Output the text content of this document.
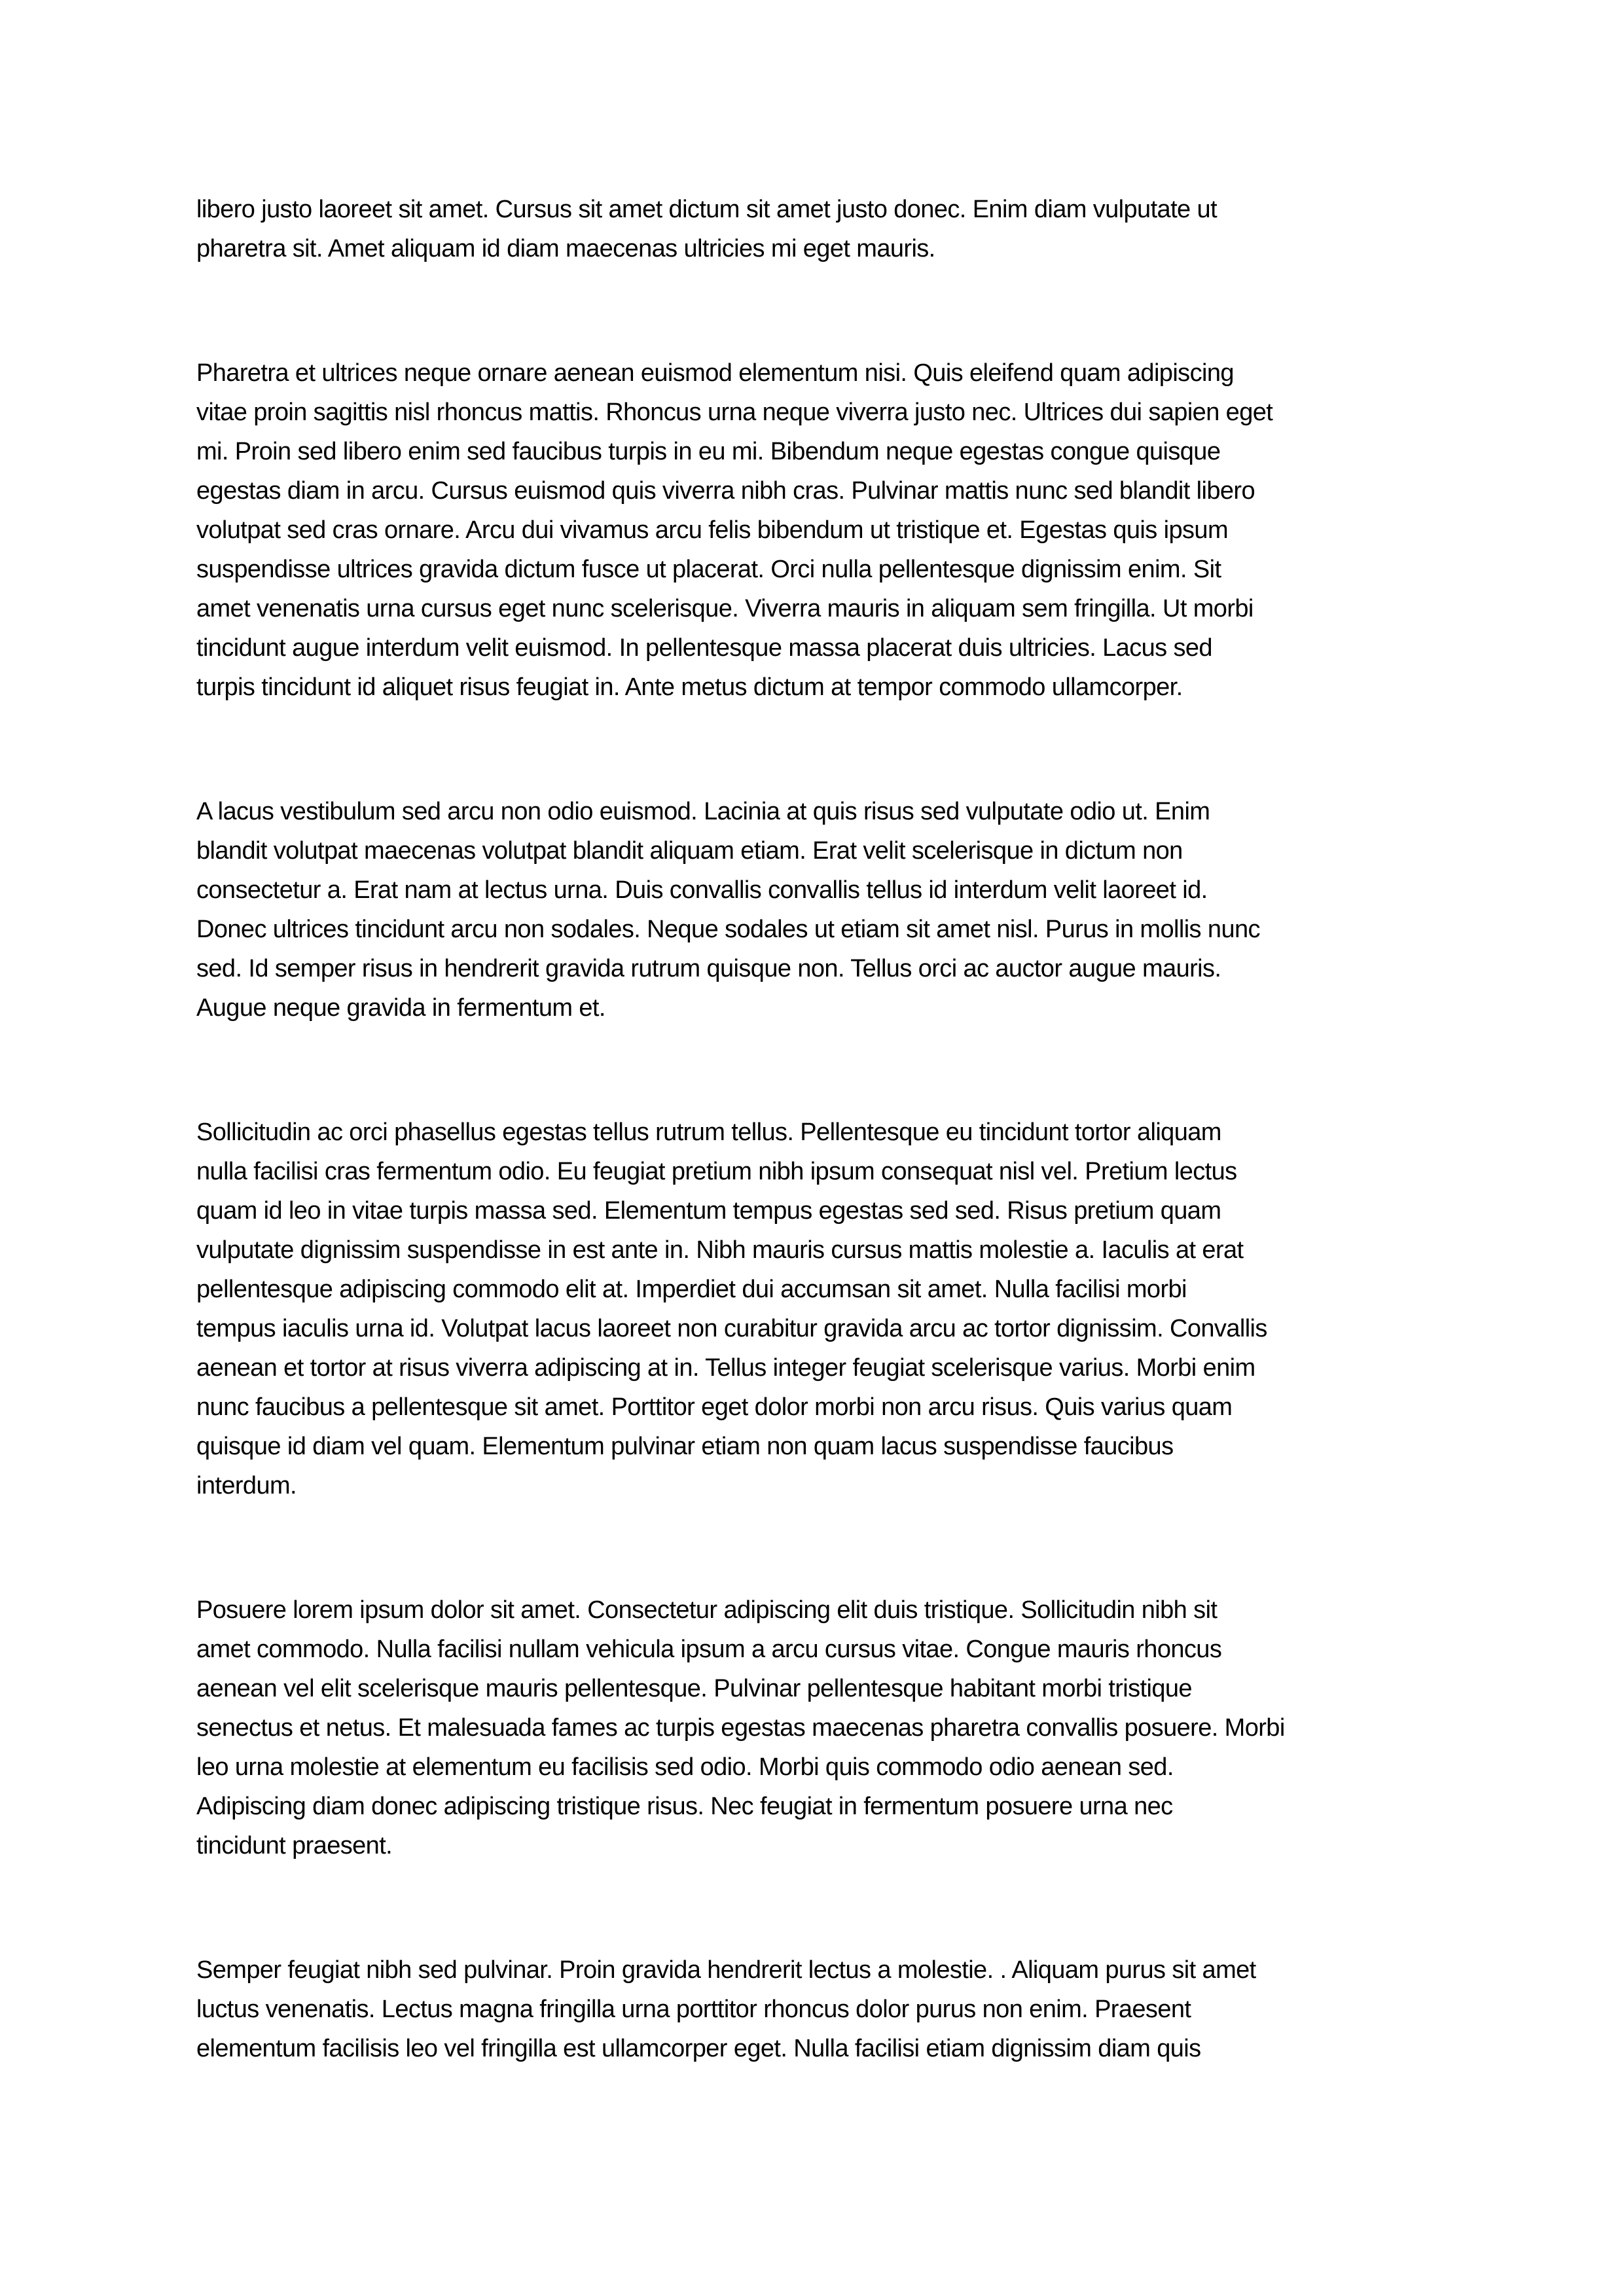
libero justo laoreet sit amet. Cursus sit amet dictum sit amet justo donec. Enim diam vulputate ut
pharetra sit. Amet aliquam id diam maecenas ultricies mi eget mauris.

Pharetra et ultrices neque ornare aenean euismod elementum nisi. Quis eleifend quam adipiscing
vitae proin sagittis nisl rhoncus mattis. Rhoncus urna neque viverra justo nec. Ultrices dui sapien eget
mi. Proin sed libero enim sed faucibus turpis in eu mi. Bibendum neque egestas congue quisque
egestas diam in arcu. Cursus euismod quis viverra nibh cras. Pulvinar mattis nunc sed blandit libero
volutpat sed cras ornare. Arcu dui vivamus arcu felis bibendum ut tristique et. Egestas quis ipsum
suspendisse ultrices gravida dictum fusce ut placerat. Orci nulla pellentesque dignissim enim. Sit
amet venenatis urna cursus eget nunc scelerisque. Viverra mauris in aliquam sem fringilla. Ut morbi
tincidunt augue interdum velit euismod. In pellentesque massa placerat duis ultricies. Lacus sed
turpis tincidunt id aliquet risus feugiat in. Ante metus dictum at tempor commodo ullamcorper.

A lacus vestibulum sed arcu non odio euismod. Lacinia at quis risus sed vulputate odio ut. Enim
blandit volutpat maecenas volutpat blandit aliquam etiam. Erat velit scelerisque in dictum non
consectetur a. Erat nam at lectus urna. Duis convallis convallis tellus id interdum velit laoreet id.
Donec ultrices tincidunt arcu non sodales. Neque sodales ut etiam sit amet nisl. Purus in mollis nunc
sed. Id semper risus in hendrerit gravida rutrum quisque non. Tellus orci ac auctor augue mauris.
Augue neque gravida in fermentum et.

Sollicitudin ac orci phasellus egestas tellus rutrum tellus. Pellentesque eu tincidunt tortor aliquam
nulla facilisi cras fermentum odio. Eu feugiat pretium nibh ipsum consequat nisl vel. Pretium lectus
quam id leo in vitae turpis massa sed. Elementum tempus egestas sed sed. Risus pretium quam
vulputate dignissim suspendisse in est ante in. Nibh mauris cursus mattis molestie a. Iaculis at erat
pellentesque adipiscing commodo elit at. Imperdiet dui accumsan sit amet. Nulla facilisi morbi
tempus iaculis urna id. Volutpat lacus laoreet non curabitur gravida arcu ac tortor dignissim. Convallis
aenean et tortor at risus viverra adipiscing at in. Tellus integer feugiat scelerisque varius. Morbi enim
nunc faucibus a pellentesque sit amet. Porttitor eget dolor morbi non arcu risus. Quis varius quam
quisque id diam vel quam. Elementum pulvinar etiam non quam lacus suspendisse faucibus
interdum.

Posuere lorem ipsum dolor sit amet. Consectetur adipiscing elit duis tristique. Sollicitudin nibh sit
amet commodo. Nulla facilisi nullam vehicula ipsum a arcu cursus vitae. Congue mauris rhoncus
aenean vel elit scelerisque mauris pellentesque. Pulvinar pellentesque habitant morbi tristique
senectus et netus. Et malesuada fames ac turpis egestas maecenas pharetra convallis posuere. Morbi
leo urna molestie at elementum eu facilisis sed odio. Morbi quis commodo odio aenean sed.
Adipiscing diam donec adipiscing tristique risus. Nec feugiat in fermentum posuere urna nec
tincidunt praesent.

Semper feugiat nibh sed pulvinar. Proin gravida hendrerit lectus a molestie. . Aliquam purus sit amet
luctus venenatis. Lectus magna fringilla urna porttitor rhoncus dolor purus non enim. Praesent
elementum facilisis leo vel fringilla est ullamcorper eget. Nulla facilisi etiam dignissim diam quis
